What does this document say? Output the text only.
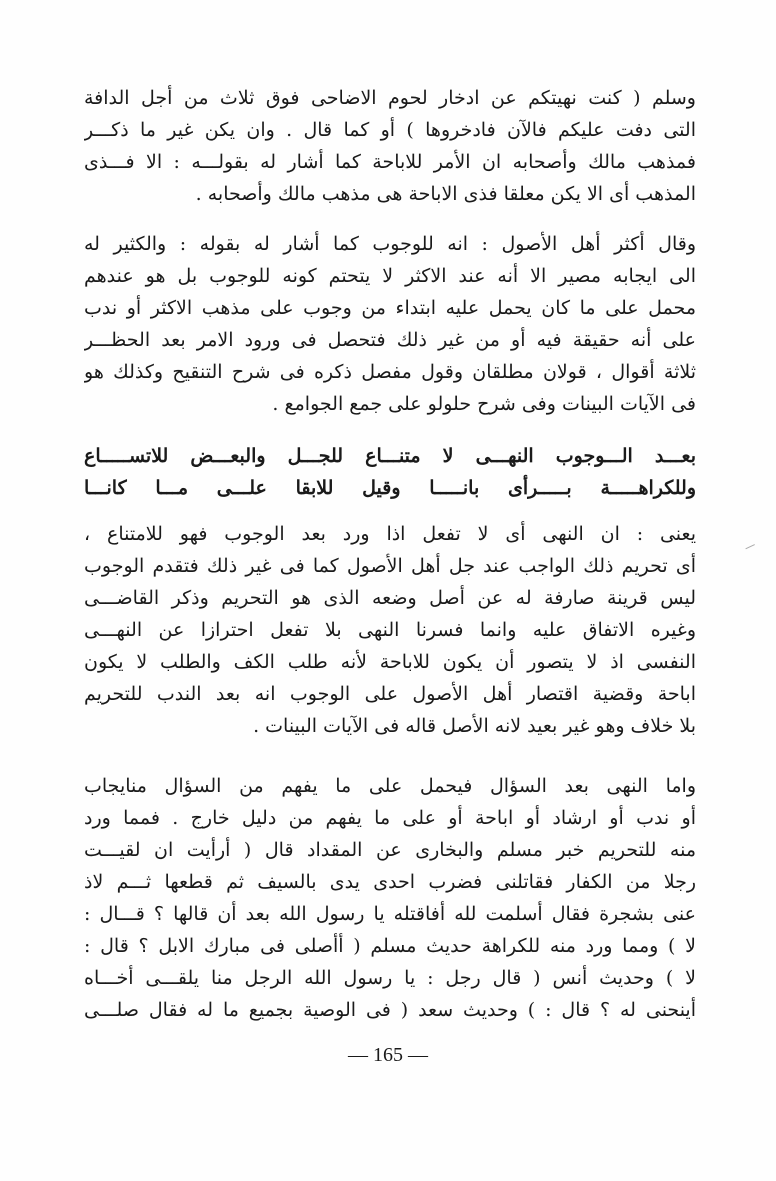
وسلم ( كنت نهيتكم عن ادخار لحوم الاضاحى فوق ثلاث من أجل الدافة
التى دفت عليكم فالآن فادخروها ) أو كما قال . وان يكن غير ما ذكـــر
فمذهب مالك وأصحابه ان الأمر للاباحة كما أشار له بقولـــه : الا فـــذى
المذهب أى الا يكن معلقا فذى الاباحة هى مذهب مالك وأصحابه .
وقال أكثر أهل الأصول : انه للوجوب كما أشار له بقوله : والكثير له
الى ايجابه مصير الا أنه عند الاكثر لا يتحتم كونه للوجوب بل هو عندهم
محمل على ما كان يحمل عليه ابتداء من وجوب على مذهب الاكثر أو ندب
على أنه حقيقة فيه أو من غير ذلك فتحصل فى ورود الامر بعد الحظـــر
ثلاثة أقوال ، قولان مطلقان وقول مفصل ذكره فى شرح التنقيح وكذلك هو
فى الآيات البينات وفى شرح حلولو على جمع الجوامع .
بعـــد الـــوجوب النهـــى لا متنـــاع للجـــل والبعـــض للاتســـــاع
وللكراهـــــة بـــــرأى بانـــــا وقيل للابقا علـــى مـــا كانـــا
يعنى : ان النهى أى لا تفعل اذا ورد بعد الوجوب فهو للامتناع ،
أى تحريم ذلك الواجب عند جل أهل الأصول كما فى غير ذلك فتقدم الوجوب
ليس قرينة صارفة له عن أصل وضعه الذى هو التحريم وذكر القاضـــى
وغيره الاتفاق عليه وانما فسرنا النهى بلا تفعل احترازا عن النهـــى
النفسى اذ لا يتصور أن يكون للاباحة لأنه طلب الكف والطلب لا يكون
اباحة وقضية اقتصار أهل الأصول على الوجوب انه بعد الندب للتحريم
بلا خلاف وهو غير بعيد لانه الأصل قاله فى الآيات البينات .
واما النهى بعد السؤال فيحمل على ما يفهم من السؤال منايجاب
أو ندب أو ارشاد أو اباحة أو على ما يفهم من دليل خارج . فمما ورد
منه للتحريم خبر مسلم والبخارى عن المقداد قال ( أرأيت ان لقيـــت
رجلا من الكفار فقاتلنى فضرب احدى يدى بالسيف ثم قطعها ثـــم لاذ
عنى بشجرة فقال أسلمت لله أفاقتله يا رسول الله بعد أن قالها ؟ قـــال :
لا ) ومما ورد منه للكراهة حديث مسلم ( أأصلى فى مبارك الابل ؟ قال :
لا ) وحديث أنس ( قال رجل : يا رسول الله الرجل منا يلقـــى أخـــاه
أينحنى له ؟ قال : ) وحديث سعد ( فى الوصية بجميع ما له فقال صلـــى
— 165 —
